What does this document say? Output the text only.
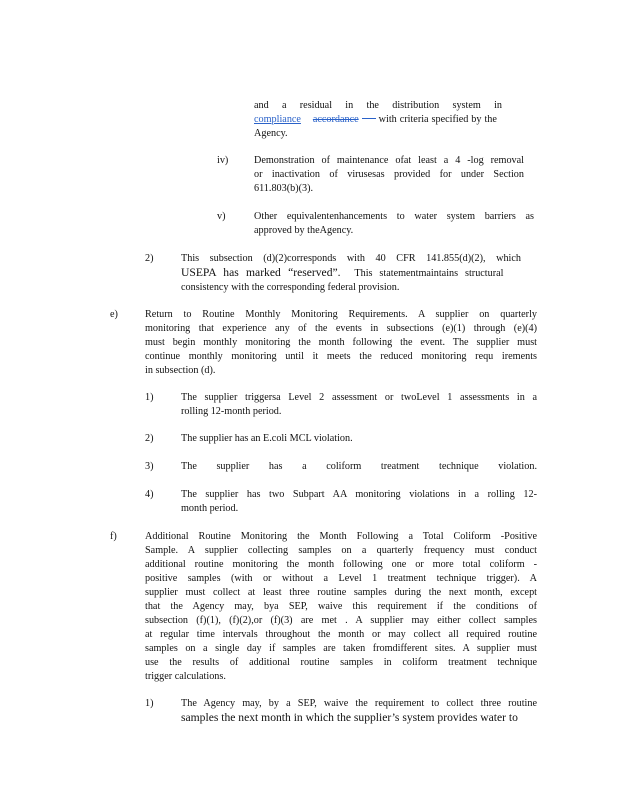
and a residual in the distribution system in
compliance accordance with criteria specified by the
Agency.
iv)	Demonstration of maintenance ofat least a 4 -log removal
or inactivation of virusesas provided for under Section
611.803(b)(3).
v)	Other equivalentenhancements to water system barriers as
approved by theAgency.
2)	This subsection (d)(2)corresponds with 40 CFR 141.855(d)(2), which
USEPA has marked “reserved”. This statementmaintains structural
consistency with the corresponding federal provision.
e)	Return to Routine Monthly Monitoring Requirements. A supplier on quarterly
monitoring that experience any of the events in subsections (e)(1) through (e)(4)
must begin monthly monitoring the month following the event. The supplier must
continue monthly monitoring until it meets the reduced monitoring requ irements
in subsection (d).
1)	The supplier triggersa Level 2 assessment or twoLevel 1 assessments in a
rolling 12-month period.
2)	The supplier has an E.coli MCL violation.
3)	The supplier has a coliform treatment technique violation.
4)	The supplier has two Subpart AA monitoring violations in a rolling 12-
month period.
f)	Additional Routine Monitoring the Month Following a Total Coliform -Positive
Sample. A supplier collecting samples on a quarterly frequency must conduct
additional routine monitoring the month following one or more total coliform -
positive samples (with or without a Level 1 treatment technique trigger). A
supplier must collect at least three routine samples during the next month, except
that the Agency may, bya SEP, waive this requirement if the conditions of
subsection (f)(1), (f)(2),or (f)(3) are met . A supplier may either collect samples
at regular time intervals throughout the month or may collect all required routine
samples on a single day if samples are taken fromdifferent sites. A supplier must
use the results of additional routine samples in coliform treatment technique
trigger calculations.
1)	The Agency may, by a SEP, waive the requirement to collect three routine
samples the next month in which the supplier’s system provides water to
